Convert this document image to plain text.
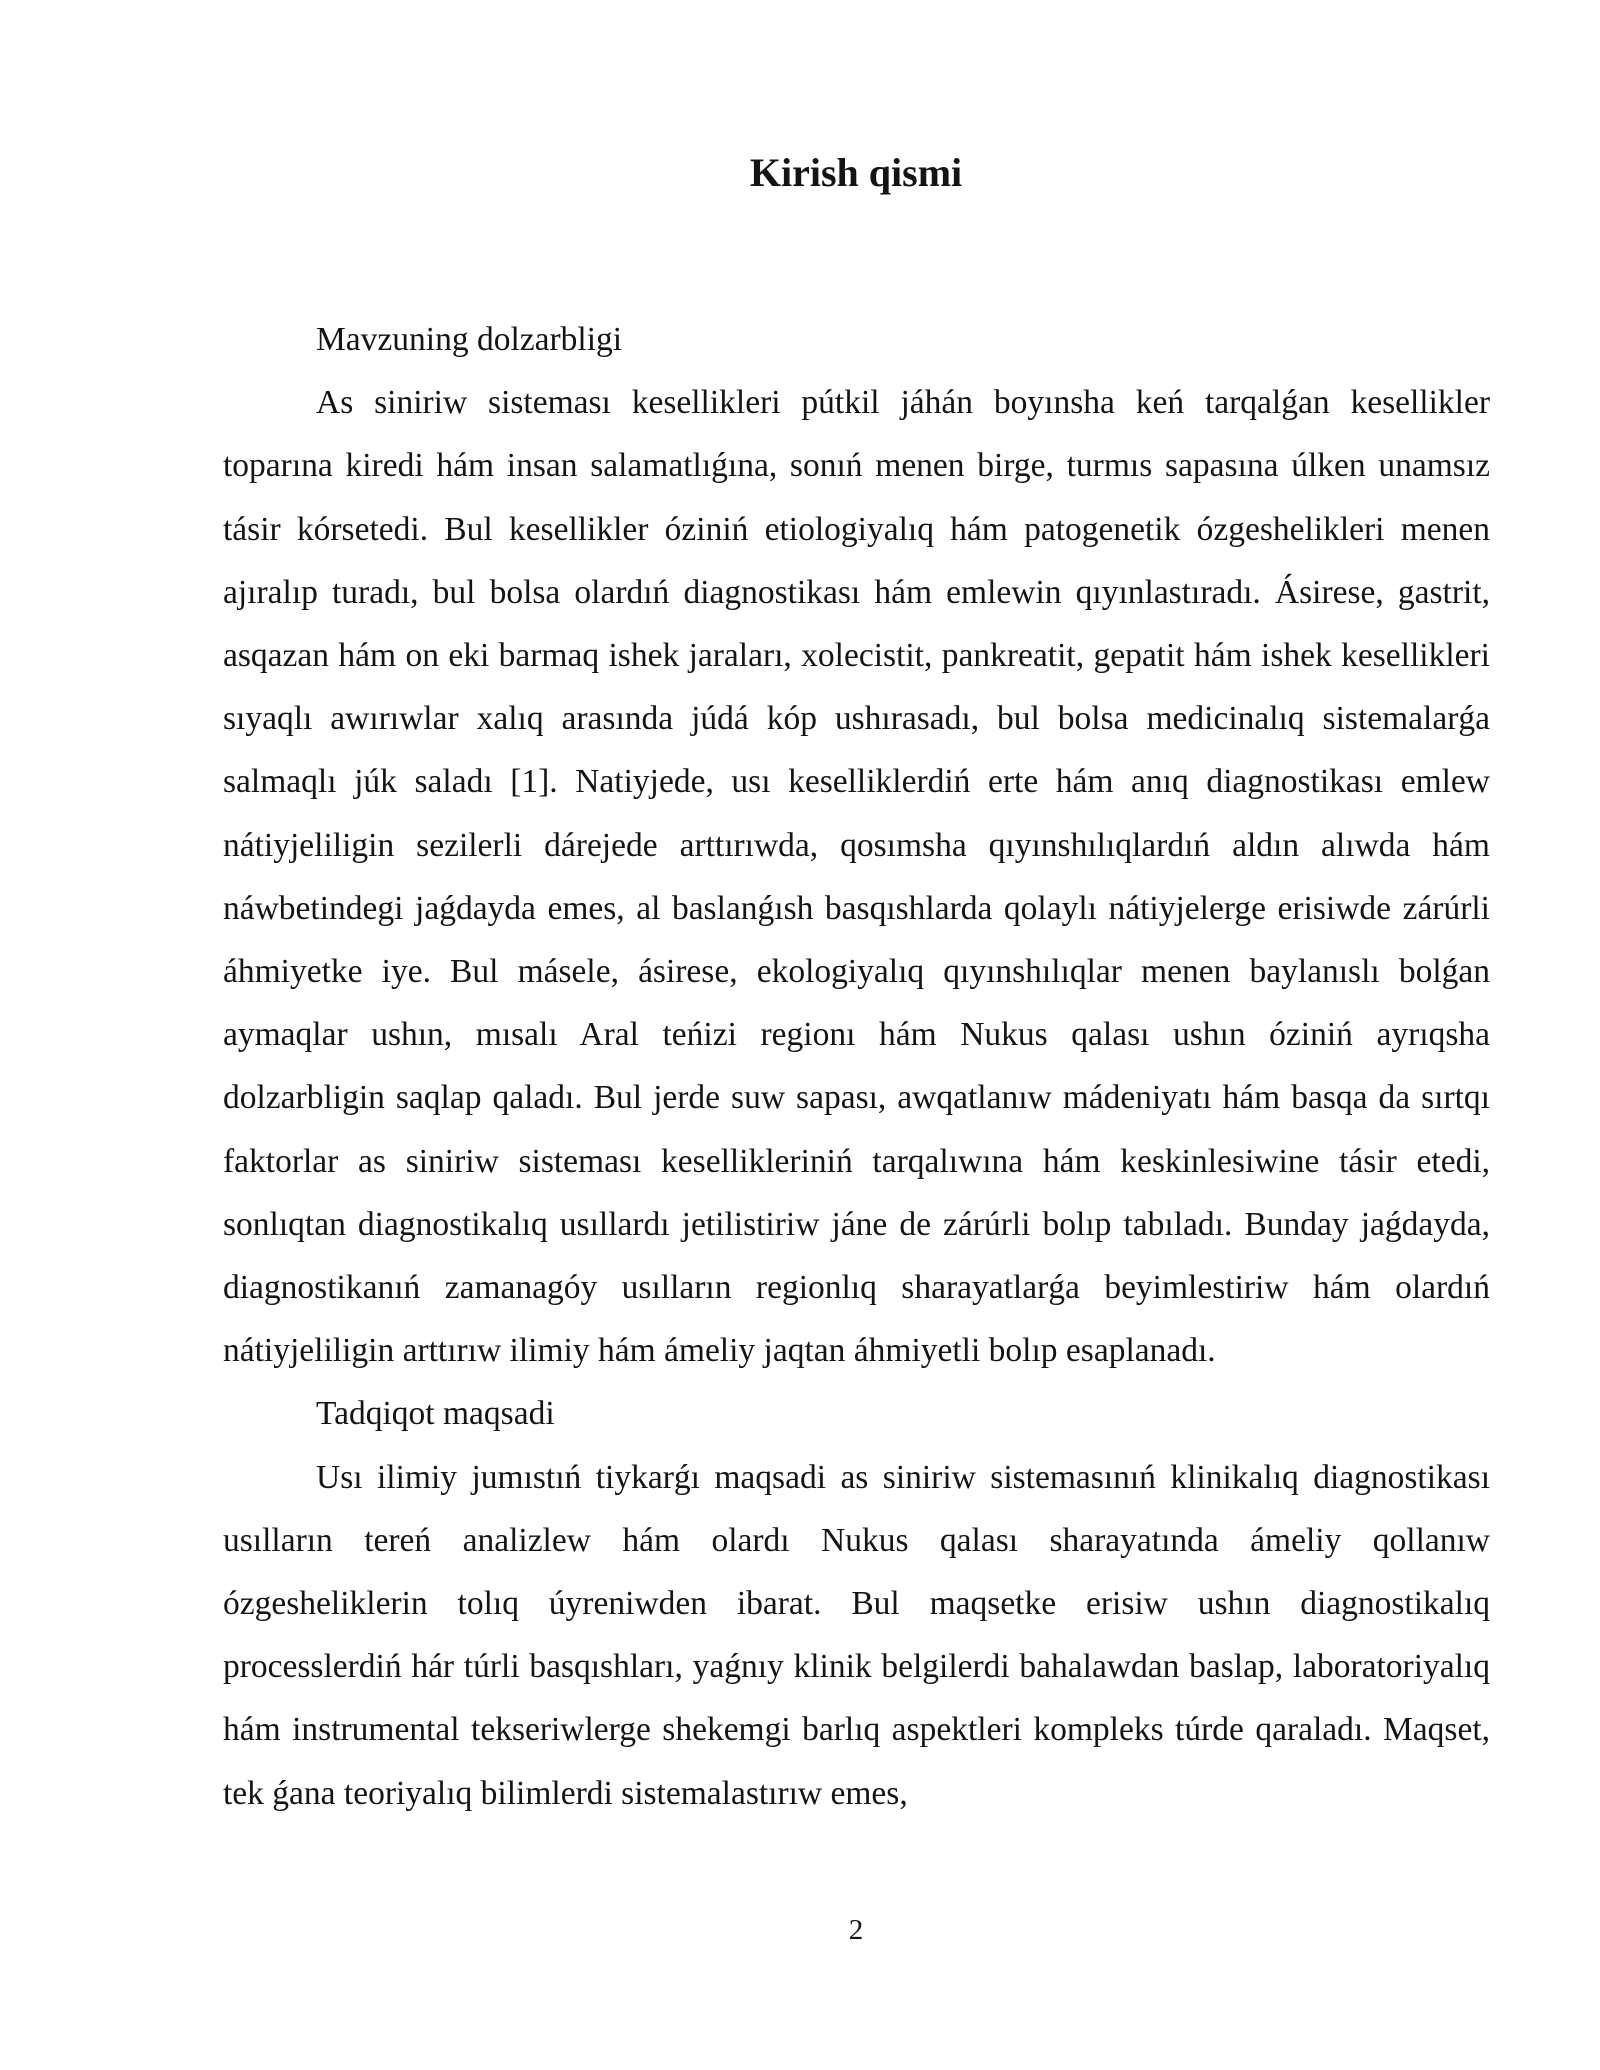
Kirish qismi

Mavzuning dolzarbligi

As siniriw sisteması kesellikleri pútkil jáhán boyınsha keń tarqalǵan kesellikler toparına kiredi hám insan salamatlıǵına, sonıń menen birge, turmıs sapasına úlken unamsız tásir kórsetedi. Bul kesellikler óziniń etiologiyalıq hám patogenetik ózgeshelikleri menen ajıralıp turadı, bul bolsa olardıń diagnostikası hám emlewin qıyınlastıradı. Ásirese, gastrit, asqazan hám on eki barmaq ishek jaraları, xolecistit, pankreatit, gepatit hám ishek kesellikleri sıyaqlı awırıwlar xalıq arasında júdá kóp ushırasadı, bul bolsa medicinalıq sistemalarǵa salmaqlı júk saladı [1]. Natiyjede, usı keselliklerdiń erte hám anıq diagnostikası emlew nátiyjeliligin sezilerli dárejede arttırıwda, qosımsha qıyınshılıqlardıń aldın alıwda hám náwbetindegi jaǵdayda emes, al baslanǵısh basqıshlarda qolaylı nátiyjelerge erisiwde zárúrli áhmiyetke iye. Bul másele, ásirese, ekologiyalıq qıyınshılıqlar menen baylanıslı bolǵan aymaqlar ushın, mısalı Aral teńizi regionı hám Nukus qalası ushın óziniń ayrıqsha dolzarbligin saqlap qaladı. Bul jerde suw sapası, awqatlanıw mádeniyatı hám basqa da sırtqı faktorlar as siniriw sisteması kesellikleriniń tarqalıwına hám keskinlesiwine tásir etedi, sonlıqtan diagnostikalıq usıllardı jetilistiriw jáne de zárúrli bolıp tabıladı. Bunday jaǵdayda, diagnostikanıń zamanagóy usılların regionlıq sharayatlarǵa beyimlestiriw hám olardıń nátiyjeliligin arttırıw ilimiy hám ámeliy jaqtan áhmiyetli bolıp esaplanadı.

Tadqiqot maqsadi

Usı ilimiy jumıstıń tiykarǵı maqsadi as siniriw sistemasınıń klinikalıq diagnostikası usılların tereń analizlew hám olardı Nukus qalası sharayatında ámeliy qollanıw ózgesheliklerin tolıq úyreniwden ibarat. Bul maqsetke erisiw ushın diagnostikalıq processlerdiń hár túrli basqıshları, yaǵnıy klinik belgilerdi bahalawdan baslap, laboratoriyalıq hám instrumental tekseriwlerge shekemgi barlıq aspektleri kompleks túrde qaraladı. Maqset, tek ǵana teoriyalıq bilimlerdi sistemalastırıw emes,

2
